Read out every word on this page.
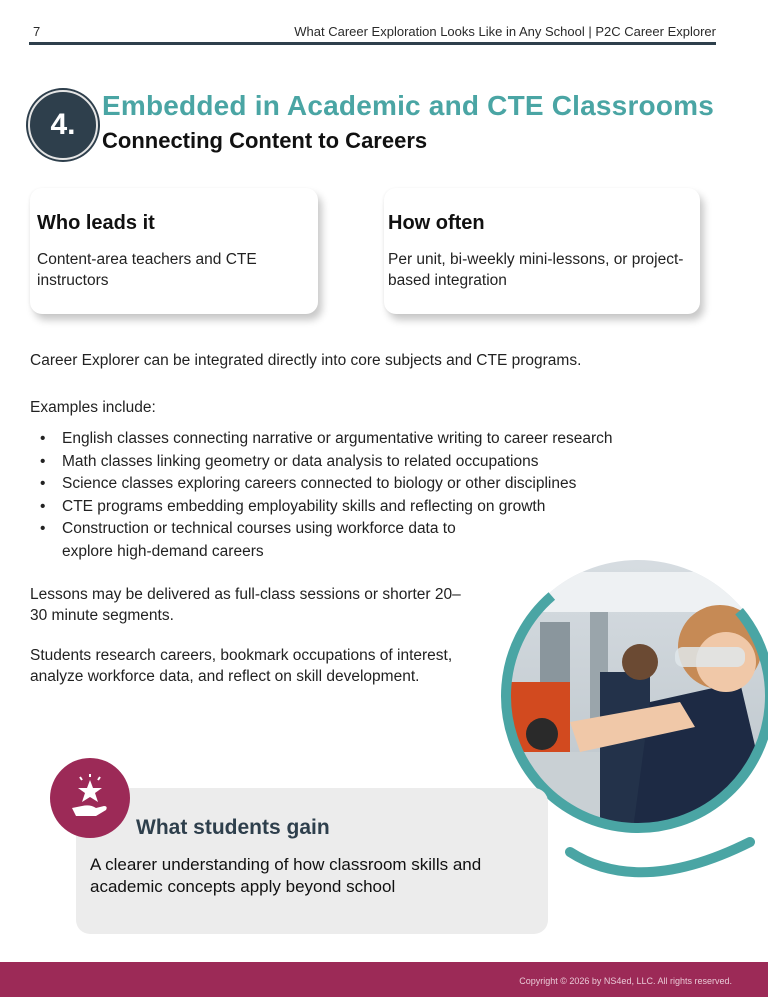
7	What Career Exploration Looks Like in Any School | P2C Career Explorer
4.
Embedded in Academic and CTE Classrooms
Connecting Content to Careers
Who leads it

Content-area teachers and CTE instructors

How often

Per unit, bi-weekly mini-lessons, or project-based integration

Career Explorer can be integrated directly into core subjects and CTE programs.

Examples include:

• English classes connecting narrative or argumentative writing to career research
• Math classes linking geometry or data analysis to related occupations
• Science classes exploring careers connected to biology or other disciplines
• CTE programs embedding employability skills and reflecting on growth
• Construction or technical courses using workforce data to explore high-demand careers

Lessons may be delivered as full-class sessions or shorter 20–30 minute segments.

Students research careers, bookmark occupations of interest, analyze workforce data, and reflect on skill development.

What students gain

A clearer understanding of how classroom skills and academic concepts apply beyond school

Copyright © 2026 by NS4ed, LLC. All rights reserved.
